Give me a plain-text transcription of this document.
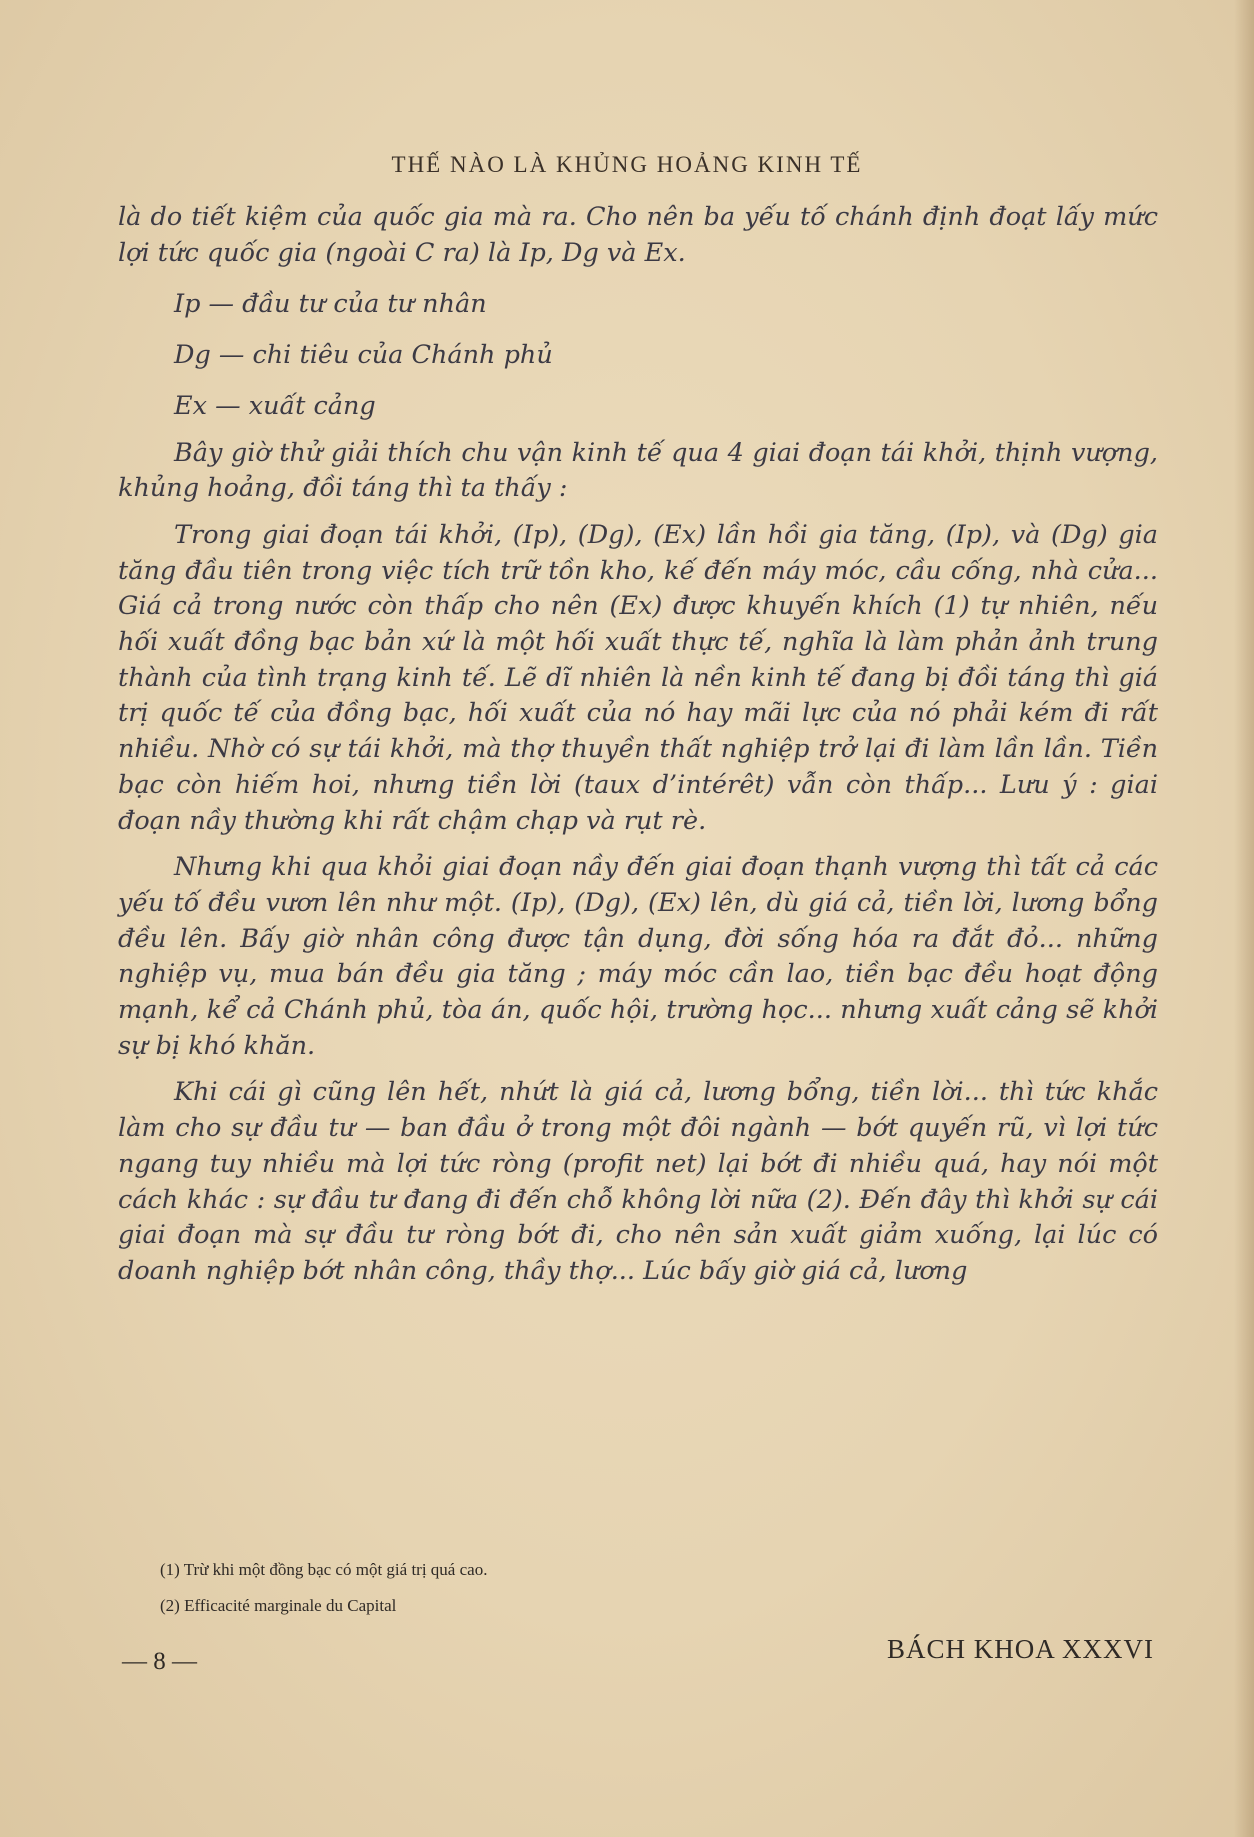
THẾ NÀO LÀ KHỦNG HOẢNG KINH TẾ

là do tiết kiệm của quốc gia mà ra. Cho nên ba yếu tố chánh định đoạt lấy mức lợi tức quốc gia (ngoài C ra) là Ip, Dg và Ex.

Ip — đầu tư của tư nhân

Dg — chi tiêu của Chánh phủ

Ex — xuất cảng

Bây giờ thử giải thích chu vận kinh tế qua 4 giai đoạn tái khởi, thịnh vượng, khủng hoảng, đồi táng thì ta thấy :

Trong giai đoạn tái khởi, (Ip), (Dg), (Ex) lần hồi gia tăng, (Ip), và (Dg) gia tăng đầu tiên trong việc tích trữ tồn kho, kế đến máy móc, cầu cống, nhà cửa... Giá cả trong nước còn thấp cho nên (Ex) được khuyến khích (1) tự nhiên, nếu hối xuất đồng bạc bản xứ là một hối xuất thực tế, nghĩa là làm phản ảnh trung thành của tình trạng kinh tế. Lẽ dĩ nhiên là nền kinh tế đang bị đồi táng thì giá trị quốc tế của đồng bạc, hối xuất của nó hay mãi lực của nó phải kém đi rất nhiều. Nhờ có sự tái khởi, mà thợ thuyền thất nghiệp trở lại đi làm lần lần. Tiền bạc còn hiếm hoi, nhưng tiền lời (taux d’intérêt) vẫn còn thấp... Lưu ý : giai đoạn nầy thường khi rất chậm chạp và rụt rè.

Nhưng khi qua khỏi giai đoạn nầy đến giai đoạn thạnh vượng thì tất cả các yếu tố đều vươn lên như một. (Ip), (Dg), (Ex) lên, dù giá cả, tiền lời, lương bổng đều lên. Bấy giờ nhân công được tận dụng, đời sống hóa ra đắt đỏ... những nghiệp vụ, mua bán đều gia tăng ; máy móc cần lao, tiền bạc đều hoạt động mạnh, kể cả Chánh phủ, tòa án, quốc hội, trường học... nhưng xuất cảng sẽ khởi sự bị khó khăn.

Khi cái gì cũng lên hết, nhứt là giá cả, lương bổng, tiền lời... thì tức khắc làm cho sự đầu tư — ban đầu ở trong một đôi ngành — bớt quyến rũ, vì lợi tức ngang tuy nhiều mà lợi tức ròng (profit net) lại bớt đi nhiều quá, hay nói một cách khác : sự đầu tư đang đi đến chỗ không lời nữa (2). Đến đây thì khởi sự cái giai đoạn mà sự đầu tư ròng bớt đi, cho nên sản xuất giảm xuống, lại lúc có doanh nghiệp bớt nhân công, thầy thợ... Lúc bấy giờ giá cả, lương

(1) Trừ khi một đồng bạc có một giá trị quá cao.

(2) Efficacité marginale du Capital

— 8 —	BÁCH KHOA XXXVI
